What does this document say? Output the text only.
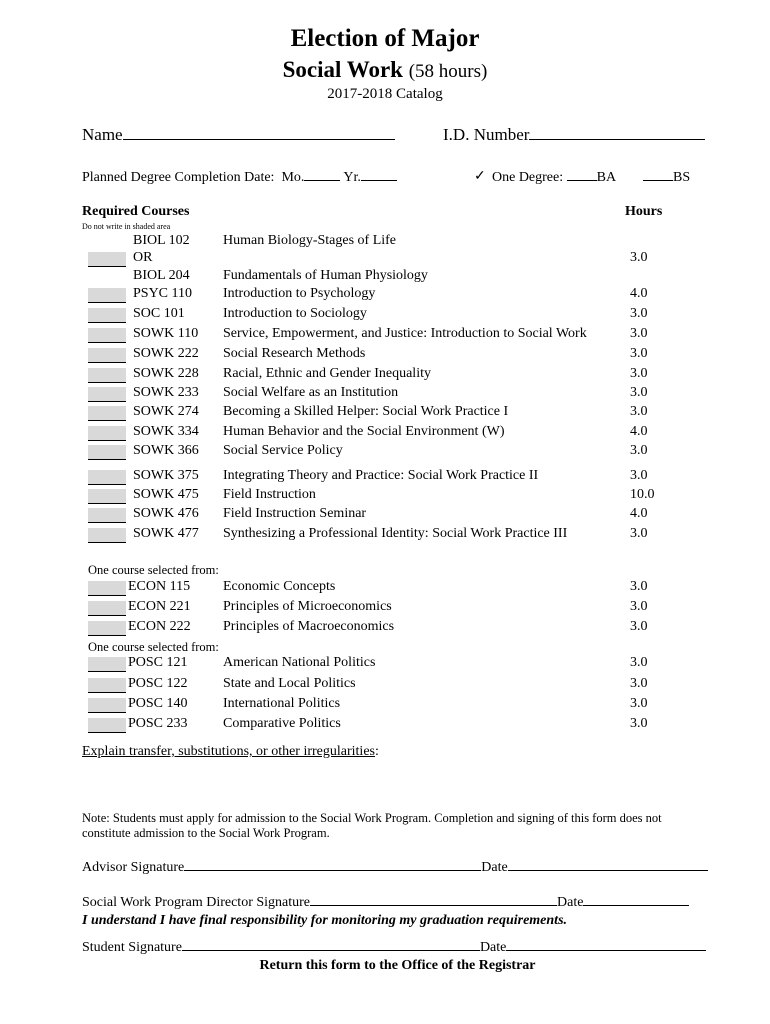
Election of Major
Social Work (58 hours)
2017-2018 Catalog
Name	I.D. Number
Planned Degree Completion Date: Mo.	Yr.	✓ One Degree: BA	BS
Required Courses	Hours
Do not write in shaded area
BIOL 102 Human Biology-Stages of Life
OR	3.0
BIOL 204 Fundamentals of Human Physiology
PSYC 110 Introduction to Psychology	4.0
SOC 101	Introduction to Sociology	3.0
SOWK 110 Service, Empowerment, and Justice: Introduction to Social Work	3.0
SOWK 222 Social Research Methods	3.0
SOWK 228 Racial, Ethnic and Gender Inequality	3.0
SOWK 233 Social Welfare as an Institution	3.0
SOWK 274 Becoming a Skilled Helper: Social Work Practice I	3.0
SOWK 334 Human Behavior and the Social Environment (W)	4.0
SOWK 366 Social Service Policy	3.0
SOWK 375 Integrating Theory and Practice: Social Work Practice II	3.0
SOWK 475 Field Instruction	10.0
SOWK 476 Field Instruction Seminar	4.0
SOWK 477 Synthesizing a Professional Identity: Social Work Practice III	3.0
One course selected from:
ECON 115 Economic Concepts	3.0
ECON 221 Principles of Microeconomics	3.0
ECON 222 Principles of Macroeconomics	3.0
One course selected from:
POSC 121	American National Politics	3.0
POSC 122	State and Local Politics	3.0
POSC 140	International Politics	3.0
POSC 233	Comparative Politics	3.0
Explain transfer, substitutions, or other irregularities:
Note: Students must apply for admission to the Social Work Program. Completion and signing of this form does not
constitute admission to the Social Work Program.
Advisor Signature	Date
Social Work Program Director Signature	Date
I understand I have final responsibility for monitoring my graduation requirements.
Student Signature	Date
Return this form to the Office of the Registrar
